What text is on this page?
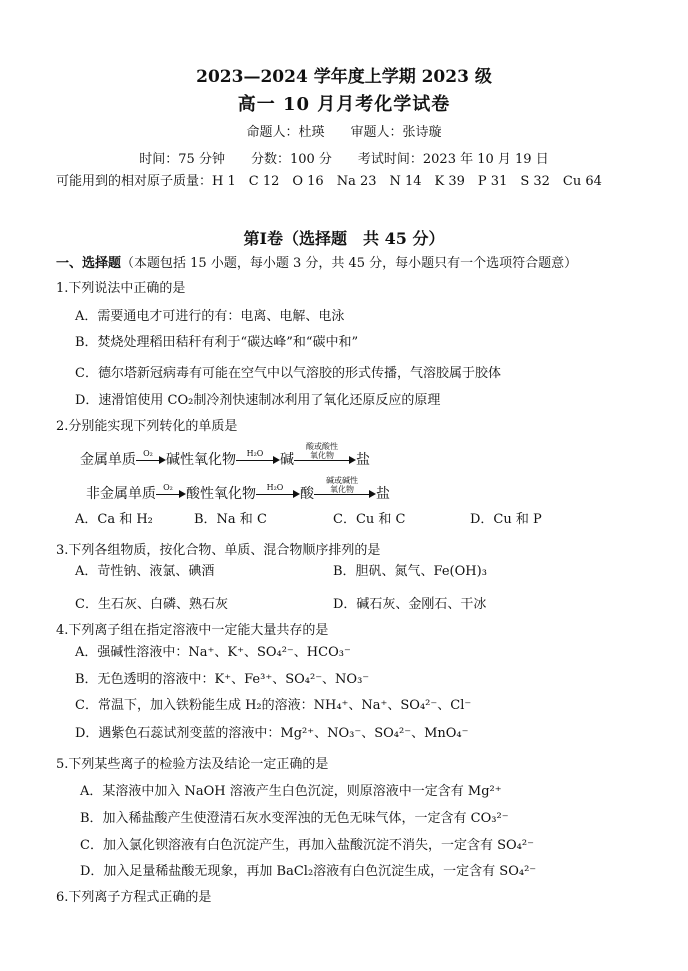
2023—2024 学年度上学期 2023 级
高一 10 月月考化学试卷
命题人：杜瑛　　审题人：张诗璇
时间：75 分钟　　分数：100 分　　考试时间：2023 年 10 月 19 日
可能用到的相对原子质量：H 1　C 12　O 16　Na 23　N 14　K 39　P 31　S 32　Cu 64
第Ⅰ卷（选择题　共 45 分）
一、选择题（本题包括 15 小题，每小题 3 分，共 45 分，每小题只有一个选项符合题意）
1.下列说法中正确的是
A．需要通电才可进行的有：电离、电解、电泳
B．焚烧处理稻田秸秆有利于“碳达峰”和“碳中和”
C．德尔塔新冠病毒有可能在空气中以气溶胶的形式传播，气溶胶属于胶体
D．速滑馆使用 CO₂制冷剂快速制冰利用了氧化还原反应的原理
2.分别能实现下列转化的单质是
金属单质 O₂ 碱性氧化物	H₂O	碱
酸或酸性
氧化物	盐
非金属单质 O₂ 酸性氧化物	H₂O	酸
碱或碱性
氧化物	盐
A．Ca 和 H₂	B．Na 和 C	C．Cu 和 C	D．Cu 和 P
3.下列各组物质，按化合物、单质、混合物顺序排列的是
A．苛性钠、液氯、碘酒	B．胆矾、氮气、Fe(OH)₃
C．生石灰、白磷、熟石灰	D．碱石灰、金刚石、干冰
4.下列离子组在指定溶液中一定能大量共存的是
A．强碱性溶液中：Na⁺、K⁺、SO₄²⁻、HCO₃⁻
B．无色透明的溶液中：K⁺、Fe³⁺、SO₄²⁻、NO₃⁻
C．常温下，加入铁粉能生成 H₂的溶液：NH₄⁺、Na⁺、SO₄²⁻、Cl⁻
D．遇紫色石蕊试剂变蓝的溶液中：Mg²⁺、NO₃⁻、SO₄²⁻、MnO₄⁻
5.下列某些离子的检验方法及结论一定正确的是
A．某溶液中加入 NaOH 溶液产生白色沉淀，则原溶液中一定含有 Mg²⁺
B．加入稀盐酸产生使澄清石灰水变浑浊的无色无味气体，一定含有 CO₃²⁻
C．加入氯化钡溶液有白色沉淀产生，再加入盐酸沉淀不消失，一定含有 SO₄²⁻
D．加入足量稀盐酸无现象，再加 BaCl₂溶液有白色沉淀生成，一定含有 SO₄²⁻
6.下列离子方程式正确的是
